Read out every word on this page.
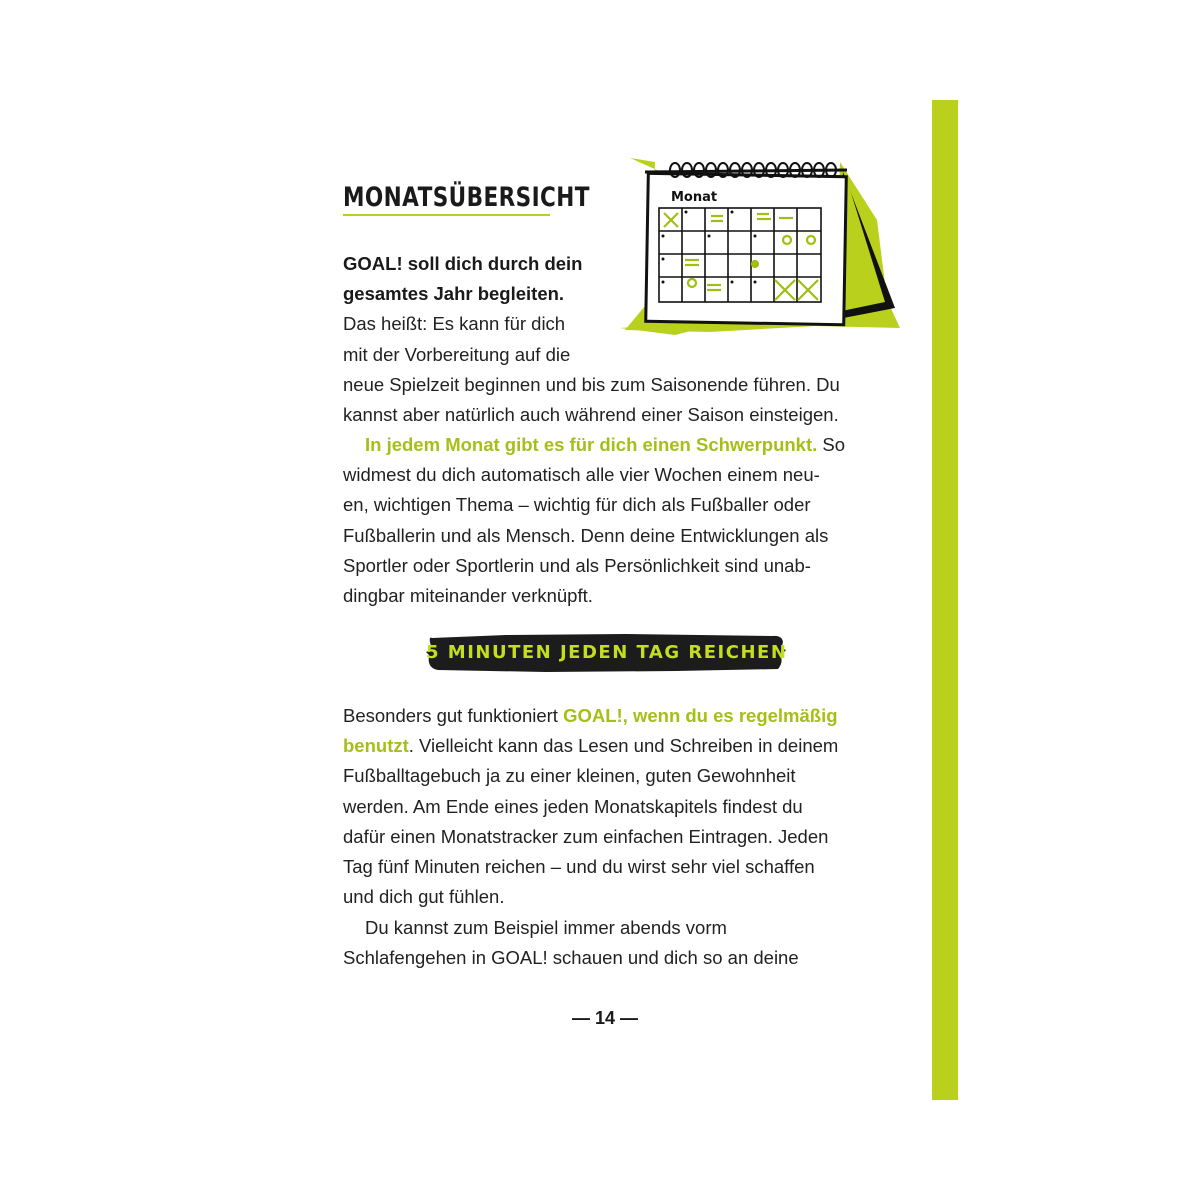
MONATSÜBERSICHT	Monat
GOAL! soll dich durch dein
gesamtes Jahr begleiten.
Das heißt: Es kann für dich
mit der Vorbereitung auf die
neue Spielzeit beginnen und bis zum Saisonende führen. Du
kannst aber natürlich auch während einer Saison einsteigen.
In jedem Monat gibt es für dich einen Schwerpunkt. So
widmest du dich automatisch alle vier Wochen einem neu-
en, wichtigen Thema – wichtig für dich als Fußballer oder
Fußballerin und als Mensch. Denn deine Entwicklungen als
Sportler oder Sportlerin und als Persönlichkeit sind unab-
dingbar miteinander verknüpft.
5 MINUTEN JEDEN TAG REICHEN
Besonders gut funktioniert GOAL!, wenn du es regelmäßig
benutzt. Vielleicht kann das Lesen und Schreiben in deinem
Fußballtagebuch ja zu einer kleinen, guten Gewohnheit
werden. Am Ende eines jeden Monatskapitels findest du
dafür einen Monatstracker zum einfachen Eintragen. Jeden
Tag fünf Minuten reichen – und du wirst sehr viel schaffen
und dich gut fühlen.
Du kannst zum Beispiel immer abends vorm
Schlafengehen in GOAL! schauen und dich so an deine
— 14 —
